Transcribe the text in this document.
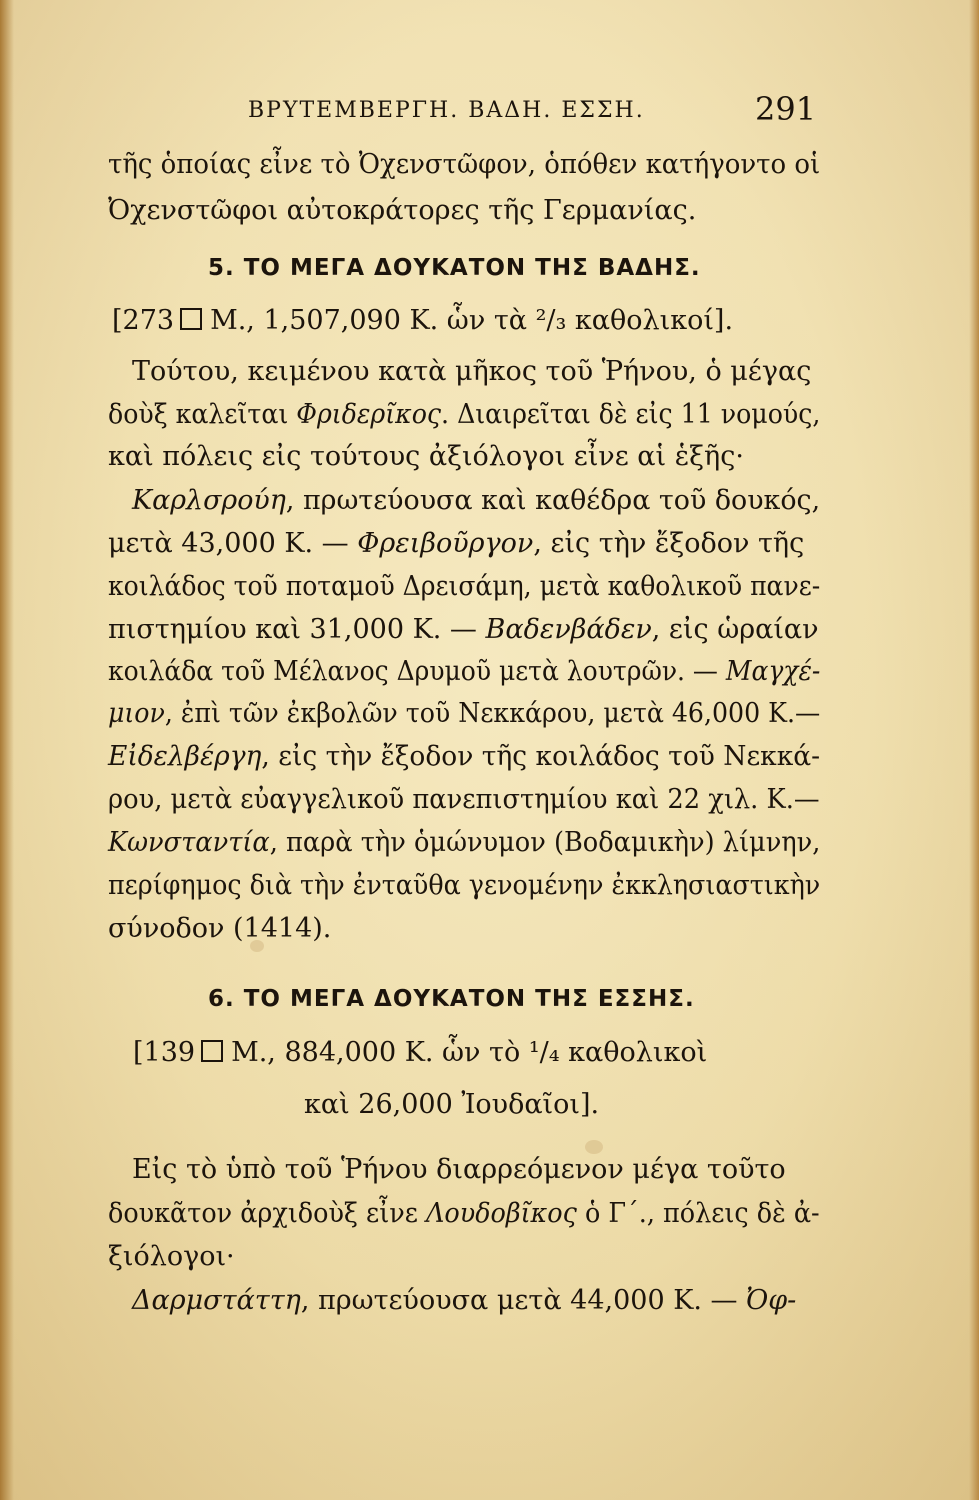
ΒΡΥΤΕΜΒΕΡΓΗ. ΒΑΔΗ. ΕΣΣΗ.	291
τῆς ὁποίας εἶνε τὸ Ὀχενστῶφον, ὁπόθεν κατήγοντο οἱ
Ὀχενστῶφοι αὐτοκράτορες τῆς Γερμανίας.
5. ΤΟ ΜΕΓΑ ΔΟΥΚΑΤΟΝ ΤΗΣ ΒΑΔΗΣ.
[273 Μ., 1,507,090 Κ. ὧν τὰ ²/₃ καθολικοί].
Τούτου, κειμένου κατὰ μῆκος τοῦ Ῥήνου, ὁ μέγας
δοὺξ καλεῖται Φριδερῖκος. Διαιρεῖται δὲ εἰς 11 νομούς,
καὶ πόλεις εἰς τούτους ἀξιόλογοι εἶνε αἱ ἑξῆς·
Καρλσρούη, πρωτεύουσα καὶ καθέδρα τοῦ δουκός,
μετὰ 43,000 Κ. — Φρειβοῦργον, εἰς τὴν ἔξοδον τῆς
κοιλάδος τοῦ ποταμοῦ Δρεισάμη, μετὰ καθολικοῦ πανε-
πιστημίου καὶ 31,000 Κ. — Βαδενβάδεν, εἰς ὡραίαν
κοιλάδα τοῦ Μέλανος Δρυμοῦ μετὰ λουτρῶν. — Μαγχέ-
μιον, ἐπὶ τῶν ἐκβολῶν τοῦ Νεκκάρου, μετὰ 46,000 Κ.—
Εἰδελβέργη, εἰς τὴν ἔξοδον τῆς κοιλάδος τοῦ Νεκκά-
ρου, μετὰ εὐαγγελικοῦ πανεπιστημίου καὶ 22 χιλ. Κ.—
Κωνσταντία, παρὰ τὴν ὁμώνυμον (Βοδαμικὴν) λίμνην,
περίφημος διὰ τὴν ἐνταῦθα γενομένην ἐκκλησιαστικὴν
σύνοδον (1414).
6. ΤΟ ΜΕΓΑ ΔΟΥΚΑΤΟΝ ΤΗΣ ΕΣΣΗΣ.
[139 Μ., 884,000 Κ. ὧν τὸ ¹/₄ καθολικοὶ
καὶ 26,000 Ἰουδαῖοι].
Εἰς τὸ ὑπὸ τοῦ Ῥήνου διαρρεόμενον μέγα τοῦτο
δουκᾶτον ἀρχιδοὺξ εἶνε Λουδοβῖκος ὁ Γ΄., πόλεις δὲ ἀ-
ξιόλογοι·
Δαρμστάττη, πρωτεύουσα μετὰ 44,000 Κ. — Ὀφ-
